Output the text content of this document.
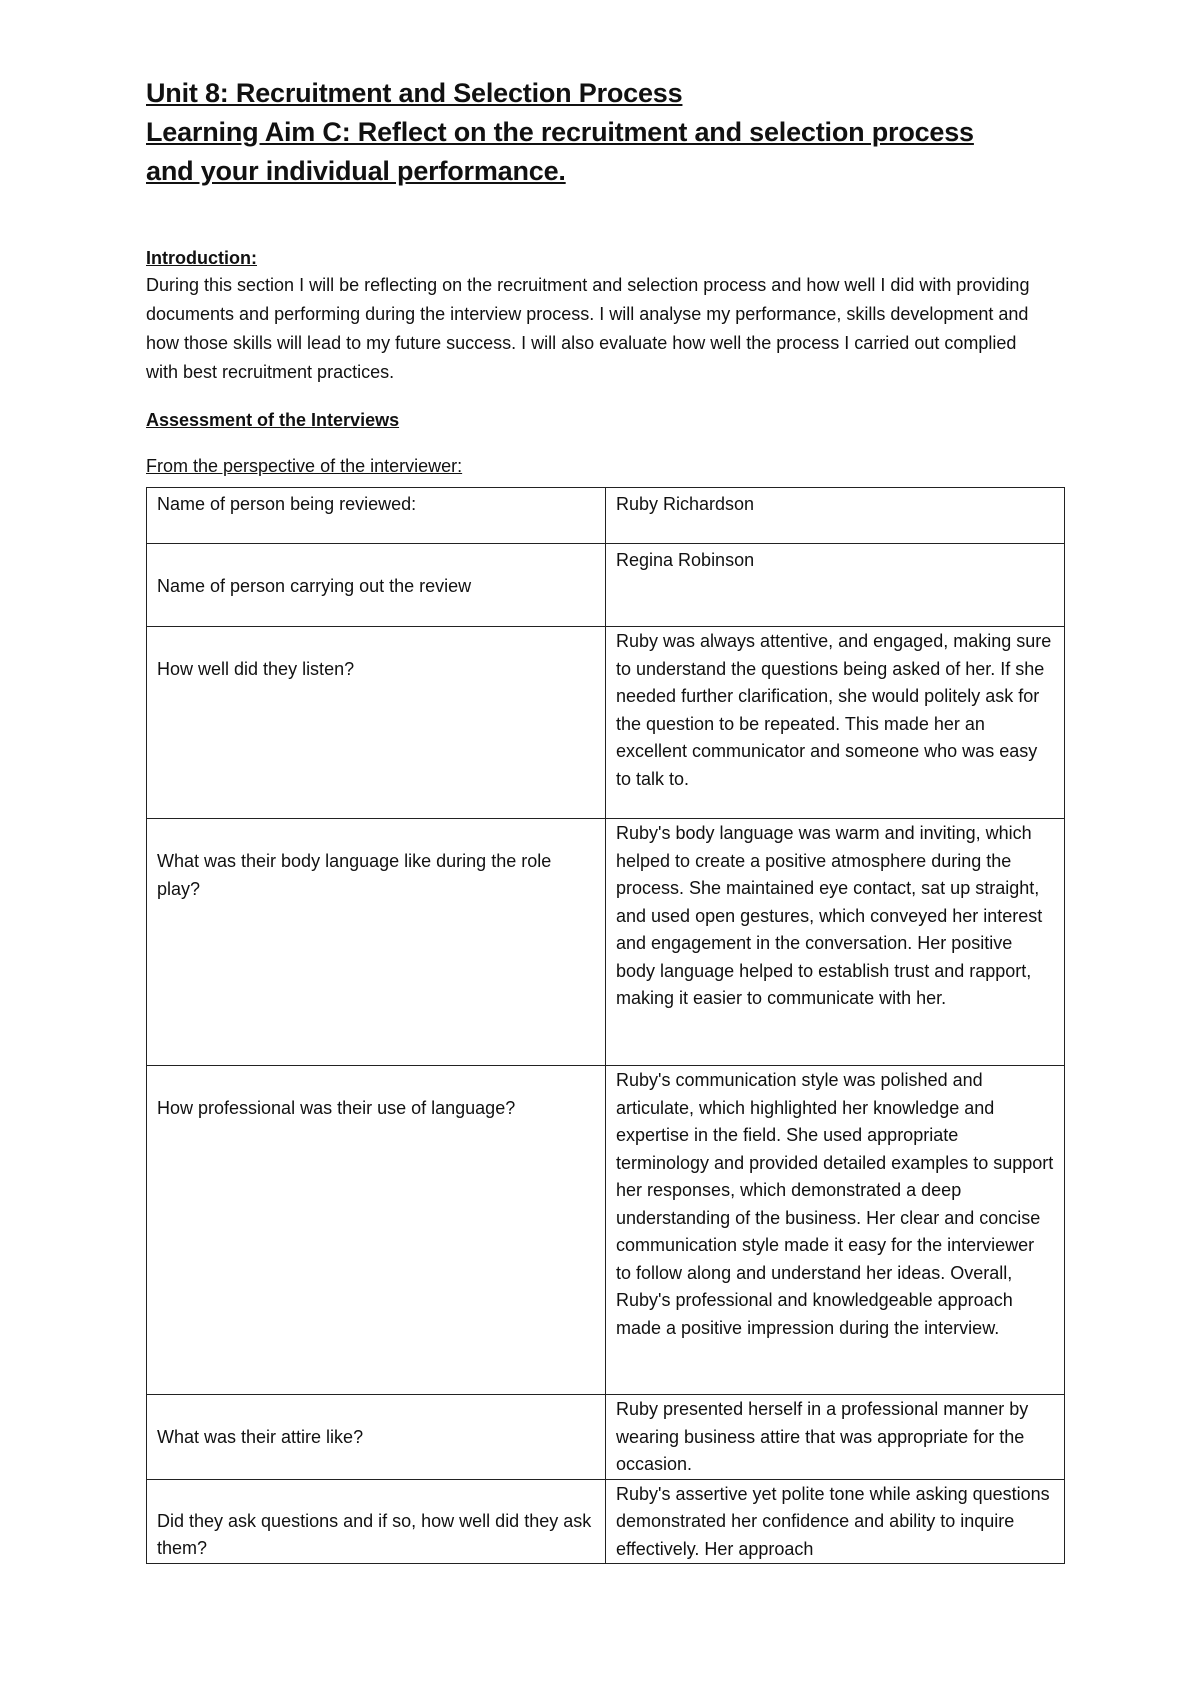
Unit 8: Recruitment and Selection Process

Learning Aim C: Reflect on the recruitment and selection process

and your individual performance.

Introduction:

During this section I will be reflecting on the recruitment and selection process and how well I did with providing documents and performing during the interview process. I will analyse my performance, skills development and how those skills will lead to my future success. I will also evaluate how well the process I carried out complied with best recruitment practices.

Assessment of the Interviews
From the perspective of the interviewer:
Name of person being reviewed:	Ruby Richardson

Name of person carrying out the review	Regina Robinson

How well did they listen?	Ruby was always attentive, and engaged, making sure to understand the questions being asked of her. If she needed further clarification, she would politely ask for the question to be repeated. This made her an excellent communicator and someone who was easy to talk to.

What was their body language like during the role play?	Ruby's body language was warm and inviting, which helped to create a positive atmosphere during the process. She maintained eye contact, sat up straight, and used open gestures, which conveyed her interest and engagement in the conversation. Her positive body language helped to establish trust and rapport, making it easier to communicate with her.

How professional was their use of language?	Ruby's communication style was polished and articulate, which highlighted her knowledge and expertise in the field. She used appropriate terminology and provided detailed examples to support her responses, which demonstrated a deep understanding of the business. Her clear and concise communication style made it easy for the interviewer to follow along and understand her ideas. Overall, Ruby's professional and knowledgeable approach made a positive impression during the interview.

What was their attire like?	Ruby presented herself in a professional manner by wearing business attire that was appropriate for the occasion.

Did they ask questions and if so, how well did they ask them?	Ruby's assertive yet polite tone while asking questions demonstrated her confidence and ability to inquire effectively. Her approach
